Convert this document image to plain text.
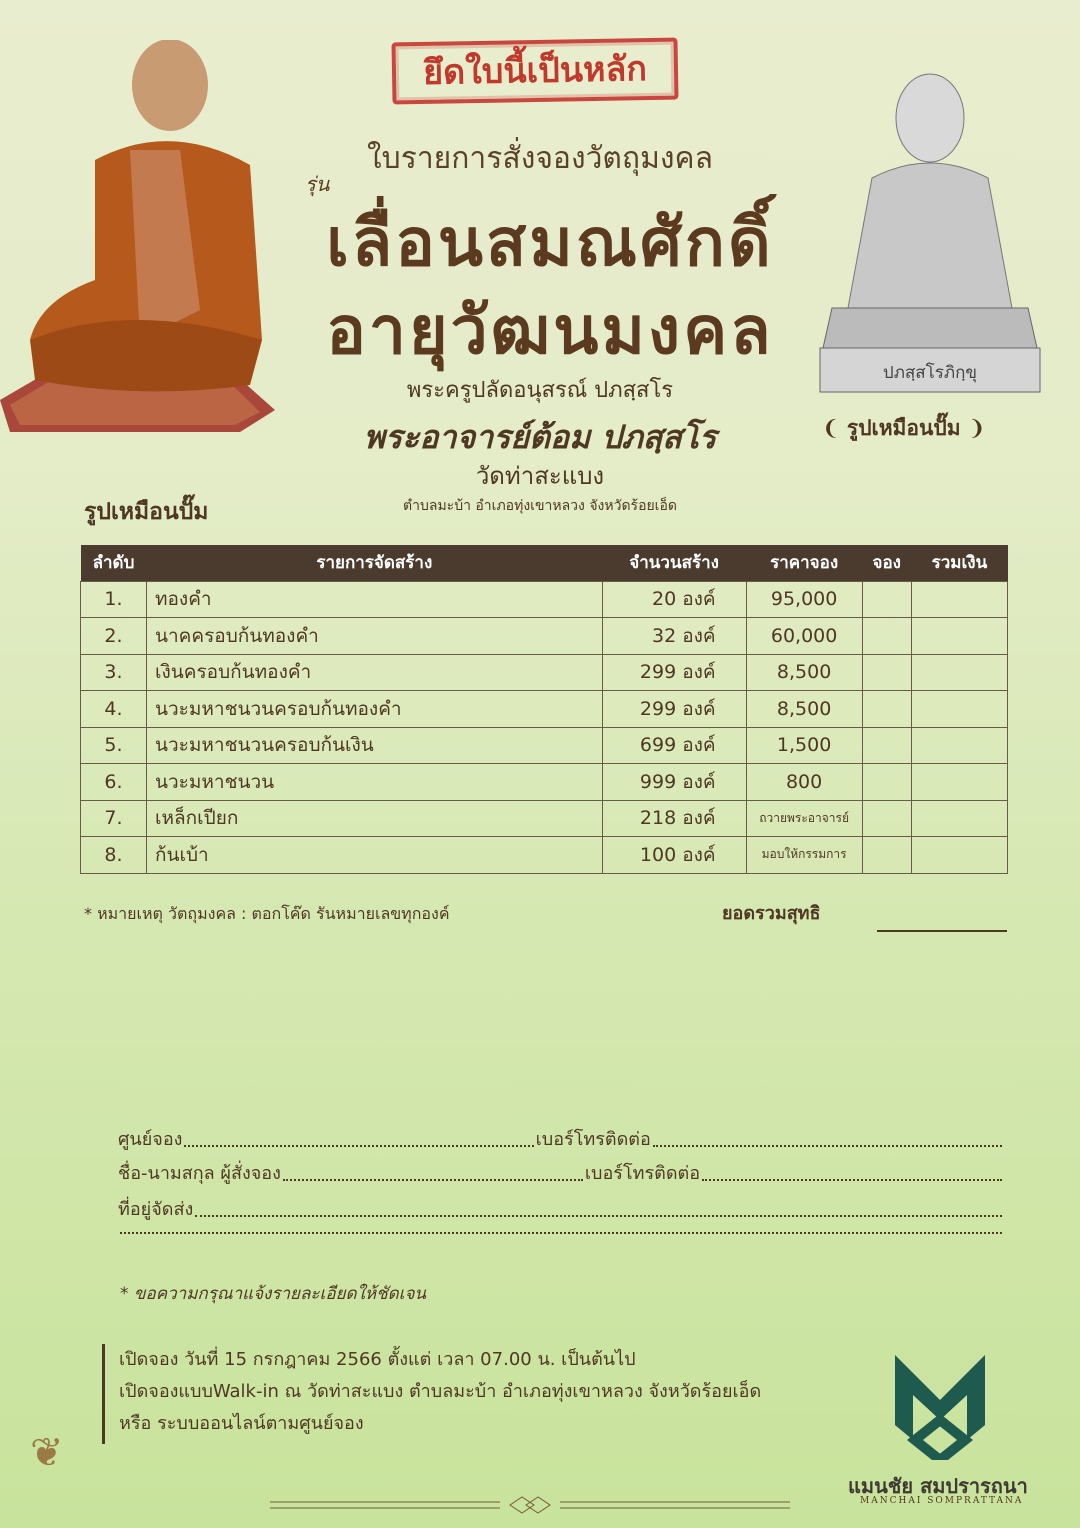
ยึดใบนี้เป็นหลัก
ปภสฺสโรภิกฺขุ
ใบรายการสั่งจองวัตถุมงคล
รุ่น
เลื่อนสมณศักดิ์
อายุวัฒนมงคล
พระครูปลัดอนุสรณ์ ปภสฺสโร
พระอาจารย์ต้อม ปภสฺสโร
วัดท่าสะแบง
ตำบลมะบ้า อำเภอทุ่งเขาหลวง จังหวัดร้อยเอ็ด
รูปเหมือนปั๊ม
❨ รูปเหมือนปั๊ม ❩
ลำดับ	รายการจัดสร้าง	จำนวนสร้าง	ราคาจอง	จอง	รวมเงิน
1.	ทองคำ	20 องค์	95,000		
2.	นาคครอบก้นทองคำ	32 องค์	60,000		
3.	เงินครอบก้นทองคำ	299 องค์	8,500		
4.	นวะมหาชนวนครอบก้นทองคำ	299 องค์	8,500		
5.	นวะมหาชนวนครอบก้นเงิน	699 องค์	1,500		
6.	นวะมหาชนวน	999 องค์	800		
7.	เหล็กเปียก	218 องค์	ถวายพระอาจารย์		
8.	ก้นเบ้า	100 องค์	มอบให้กรรมการ		
* หมายเหตุ วัตถุมงคล : ตอกโค๊ด รันหมายเลขทุกองค์	ยอดรวมสุทธิ
ศูนย์จอง	เบอร์โทรติดต่อ
ชื่อ-นามสกุล ผู้สั่งจอง	เบอร์โทรติดต่อ
ที่อยู่จัดส่ง
* ขอความกรุณาแจ้งรายละเอียดให้ชัดเจน
เปิดจอง วันที่ 15 กรกฎาคม 2566 ตั้งแต่ เวลา 07.00 น. เป็นต้นไป
เปิดจองแบบWalk-in ณ วัดท่าสะแบง ตำบลมะบ้า อำเภอทุ่งเขาหลวง จังหวัดร้อยเอ็ด
หรือ ระบบออนไลน์ตามศูนย์จอง
แมนชัย สมปรารถนา
MANCHAI SOMPRATTANA
❦
